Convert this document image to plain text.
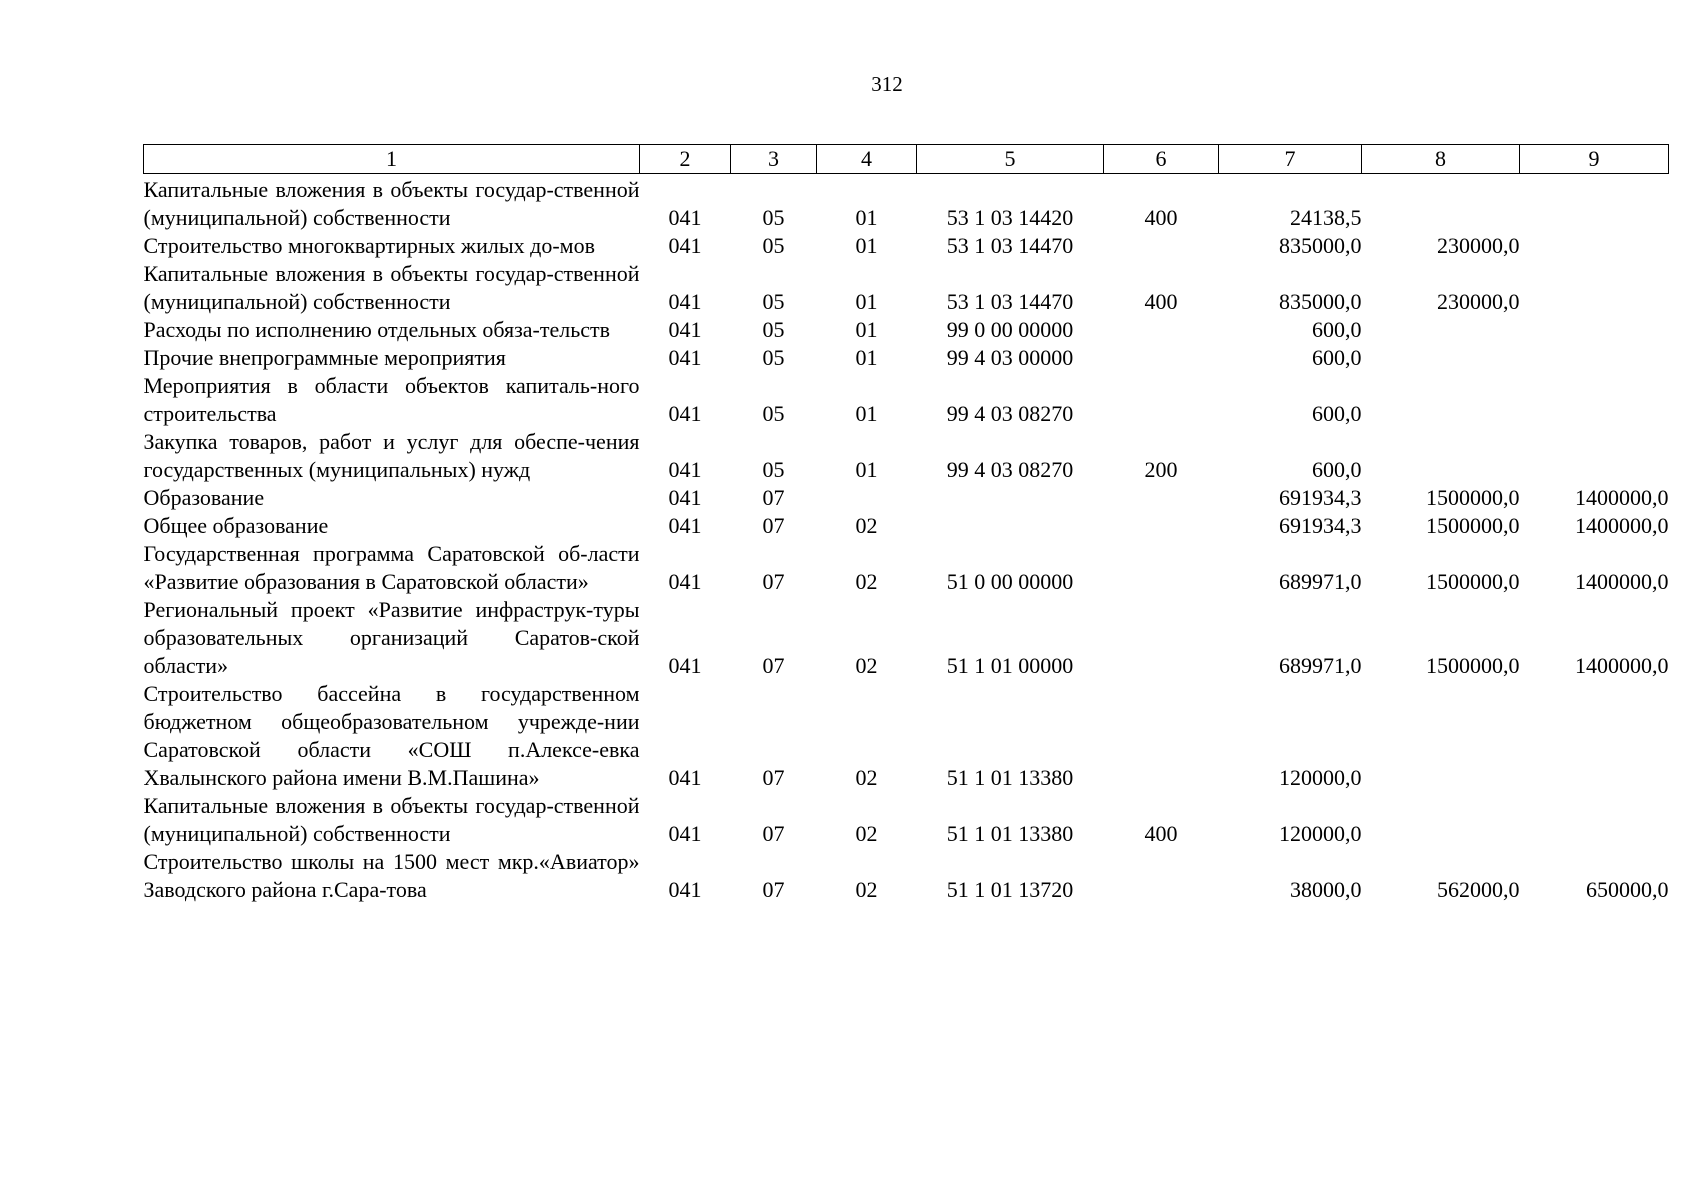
312
1	2	3	4	5	6	7	8	9
Капитальные вложения в объекты государ-ственной (муниципальной) собственности	041	05	01	53 1 03 14420	400	24138,5		
Строительство многоквартирных жилых до-мов	041	05	01	53 1 03 14470		835000,0	230000,0	
Капитальные вложения в объекты государ-ственной (муниципальной) собственности	041	05	01	53 1 03 14470	400	835000,0	230000,0	
Расходы по исполнению отдельных обяза-тельств	041	05	01	99 0 00 00000		600,0		
Прочие внепрограммные мероприятия	041	05	01	99 4 03 00000		600,0		
Мероприятия в области объектов капиталь-ного строительства	041	05	01	99 4 03 08270		600,0		
Закупка товаров, работ и услуг для обеспе-чения государственных (муниципальных) нужд	041	05	01	99 4 03 08270	200	600,0		
Образование	041	07				691934,3	1500000,0	1400000,0
Общее образование	041	07	02			691934,3	1500000,0	1400000,0
Государственная программа Саратовской об-ласти «Развитие образования в Саратовской области»	041	07	02	51 0 00 00000		689971,0	1500000,0	1400000,0
Региональный проект «Развитие инфраструк-туры образовательных организаций Саратов-ской области»	041	07	02	51 1 01 00000		689971,0	1500000,0	1400000,0
Строительство бассейна в государственном бюджетном общеобразовательном учрежде-нии Саратовской области «СОШ п.Алексе-евка Хвалынского района имени В.М.Пашина»	041	07	02	51 1 01 13380		120000,0		
Капитальные вложения в объекты государ-ственной (муниципальной) собственности	041	07	02	51 1 01 13380	400	120000,0		
Строительство школы на 1500 мест мкр.«Авиатор» Заводского района г.Сара-това	041	07	02	51 1 01 13720		38000,0	562000,0	650000,0
